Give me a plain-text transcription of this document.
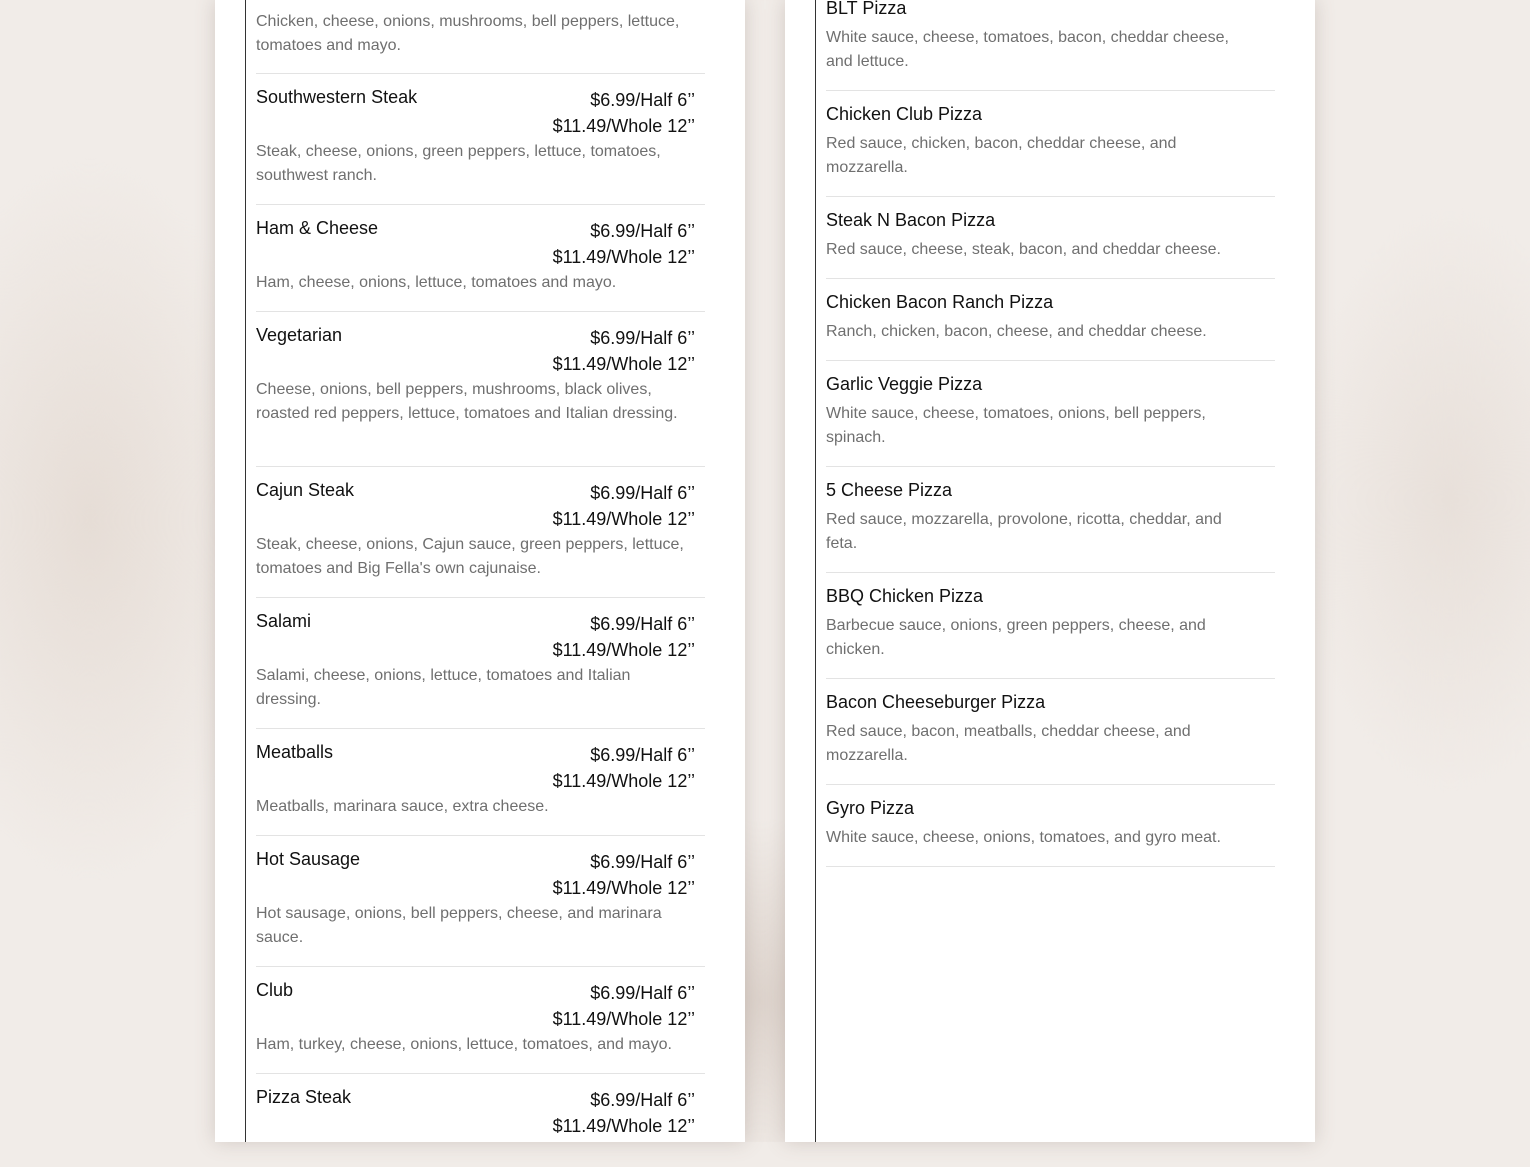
Chicken, cheese, onions, mushrooms, bell peppers, lettuce, tomatoes and mayo.
Southwestern Steak	$6.99/Half 6’’
$11.49/Whole 12’’
Steak, cheese, onions, green peppers, lettuce, tomatoes, southwest ranch.
Ham & Cheese	$6.99/Half 6’’
$11.49/Whole 12’’
Ham, cheese, onions, lettuce, tomatoes and mayo.
Vegetarian	$6.99/Half 6’’
$11.49/Whole 12’’
Cheese, onions, bell peppers, mushrooms, black olives, roasted red peppers, lettuce, tomatoes and Italian dressing.
Cajun Steak	$6.99/Half 6’’
$11.49/Whole 12’’
Steak, cheese, onions, Cajun sauce, green peppers, lettuce, tomatoes and Big Fella's own cajunaise.
Salami	$6.99/Half 6’’
$11.49/Whole 12’’
Salami, cheese, onions, lettuce, tomatoes and Italian dressing.
Meatballs	$6.99/Half 6’’
$11.49/Whole 12’’
Meatballs, marinara sauce, extra cheese.
Hot Sausage	$6.99/Half 6’’
$11.49/Whole 12’’
Hot sausage, onions, bell peppers, cheese, and marinara sauce.
Club	$6.99/Half 6’’
$11.49/Whole 12’’
Ham, turkey, cheese, onions, lettuce, tomatoes, and mayo.
Pizza Steak	$6.99/Half 6’’
$11.49/Whole 12’’
BLT Pizza
White sauce, cheese, tomatoes, bacon, cheddar cheese, and lettuce.
Chicken Club Pizza
Red sauce, chicken, bacon, cheddar cheese, and mozzarella.
Steak N Bacon Pizza
Red sauce, cheese, steak, bacon, and cheddar cheese.
Chicken Bacon Ranch Pizza
Ranch, chicken, bacon, cheese, and cheddar cheese.
Garlic Veggie Pizza
White sauce, cheese, tomatoes, onions, bell peppers, spinach.
5 Cheese Pizza
Red sauce, mozzarella, provolone, ricotta, cheddar, and feta.
BBQ Chicken Pizza
Barbecue sauce, onions, green peppers, cheese, and chicken.
Bacon Cheeseburger Pizza
Red sauce, bacon, meatballs, cheddar cheese, and mozzarella.
Gyro Pizza
White sauce, cheese, onions, tomatoes, and gyro meat.
